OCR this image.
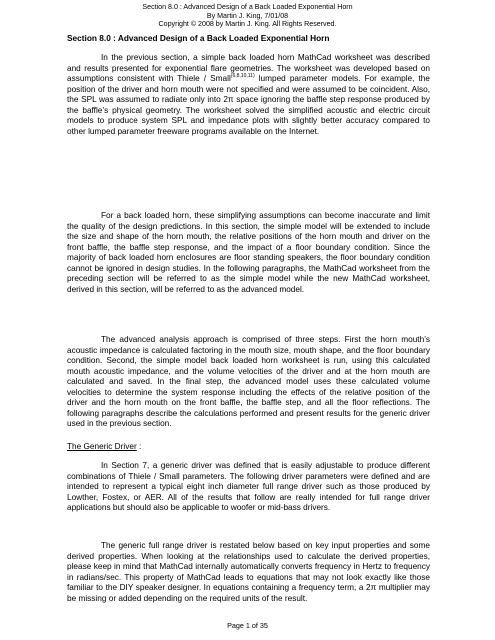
Section 8.0 : Advanced Design of a Back Loaded Exponential Horn
By Martin J. King, 7/01/08
Copyright © 2008 by Martin J. King. All Rights Reserved.
Section 8.0 : Advanced Design of a Back Loaded Exponential Horn

In the previous section, a simple back loaded horn MathCad worksheet was described and results presented for exponential flare geometries. The worksheet was developed based on assumptions consistent with Thiele / Small$^{(6,8,10,11)}$ lumped parameter models. For example, the position of the driver and horn mouth were not specified and were assumed to be coincident. Also, the SPL was assumed to radiate only into 2π space ignoring the baffle step response produced by the baffle’s physical geometry. The worksheet solved the simplified acoustic and electric circuit models to produce system SPL and impedance plots with slightly better accuracy compared to other lumped parameter freeware programs available on the Internet.

For a back loaded horn, these simplifying assumptions can become inaccurate and limit the quality of the design predictions. In this section, the simple model will be extended to include the size and shape of the horn mouth, the relative positions of the horn mouth and driver on the front baffle, the baffle step response, and the impact of a floor boundary condition. Since the majority of back loaded horn enclosures are floor standing speakers, the floor boundary condition cannot be ignored in design studies. In the following paragraphs, the MathCad worksheet from the preceding section will be referred to as the simple model while the new MathCad worksheet, derived in this section, will be referred to as the advanced model.

The advanced analysis approach is comprised of three steps. First the horn mouth’s acoustic impedance is calculated factoring in the mouth size, mouth shape, and the floor boundary condition. Second, the simple model back loaded horn worksheet is run, using this calculated mouth acoustic impedance, and the volume velocities of the driver and at the horn mouth are calculated and saved. In the final step, the advanced model uses these calculated volume velocities to determine the system response including the effects of the relative position of the driver and the horn mouth on the front baffle, the baffle step, and all the floor reflections. The following paragraphs describe the calculations performed and present results for the generic driver used in the previous section.

The Generic Driver :

In Section 7, a generic driver was defined that is easily adjustable to produce different combinations of Thiele / Small parameters. The following driver parameters were defined and are intended to represent a typical eight inch diameter full range driver such as those produced by Lowther, Fostex, or AER. All of the results that follow are really intended for full range driver applications but should also be applicable to woofer or mid-bass drivers.

The generic full range driver is restated below based on key input properties and some derived properties. When looking at the relationships used to calculate the derived properties, please keep in mind that MathCad internally automatically converts frequency in Hertz to frequency in radians/sec. This property of MathCad leads to equations that may not look exactly like those familiar to the DIY speaker designer. In equations containing a frequency term, a 2π multiplier may be missing or added depending on the required units of the result.

Page 1 of 35
